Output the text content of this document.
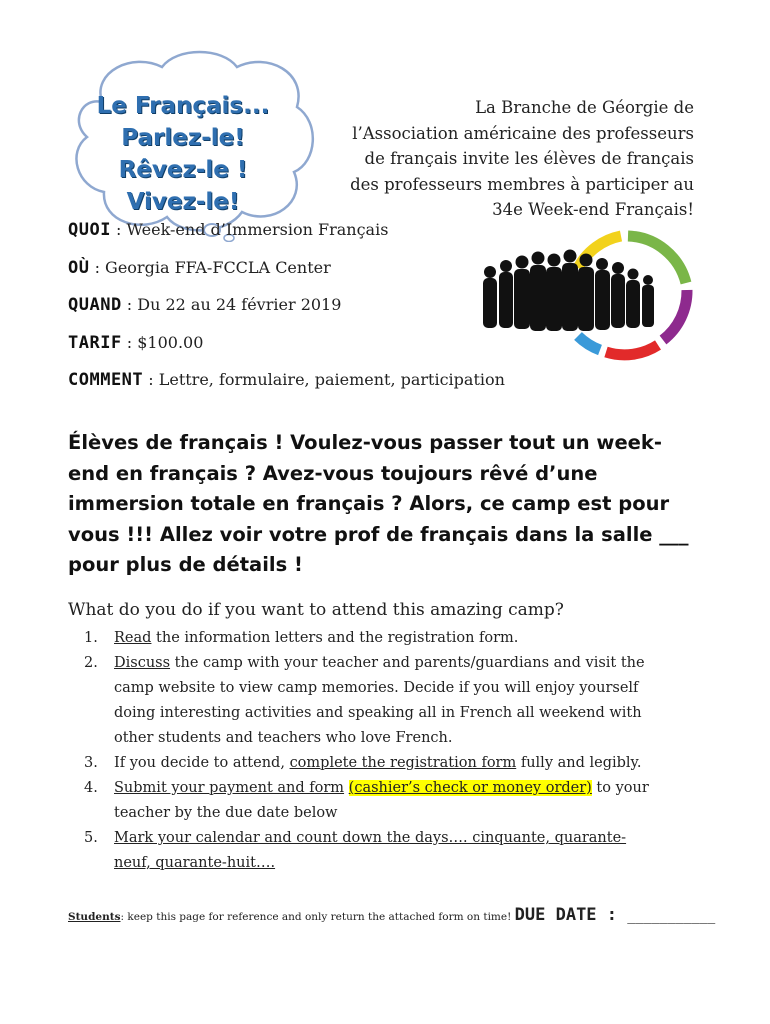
Le Français...
Parlez-le!
Rêvez-le !
Vivez-le!
La Branche de Géorgie de
l’Association américaine des professeurs
de français invite les élèves de français
des professeurs membres à participer au
34e Week-end Français!
QUOI : Week-end d’Immersion Français
OÙ : Georgia FFA-FCCLA Center
QUAND : Du 22 au 24 février 2019
TARIF : $100.00
COMMENT : Lettre, formulaire, paiement, participation
Élèves de français ! Voulez-vous passer tout un week-
end en français ? Avez-vous toujours rêvé d’une
immersion totale en français ? Alors, ce camp est pour
vous !!! Allez voir votre prof de français dans la salle ___
pour plus de détails !
What do you do if you want to attend this amazing camp?
1. Read the information letters and the registration form.
2. Discuss the camp with your teacher and parents/guardians and visit the
camp website to view camp memories. Decide if you will enjoy yourself
doing interesting activities and speaking all in French all weekend with
other students and teachers who love French.
3. If you decide to attend, complete the registration form fully and legibly.
4. Submit your payment and form (cashier’s check or money order) to your
teacher by the due date below
5. Mark your calendar and count down the days…. cinquante, quarante-
neuf, quarante-huit….
Students: keep this page for reference and only return the attached form on time! DUE DATE : ___________
